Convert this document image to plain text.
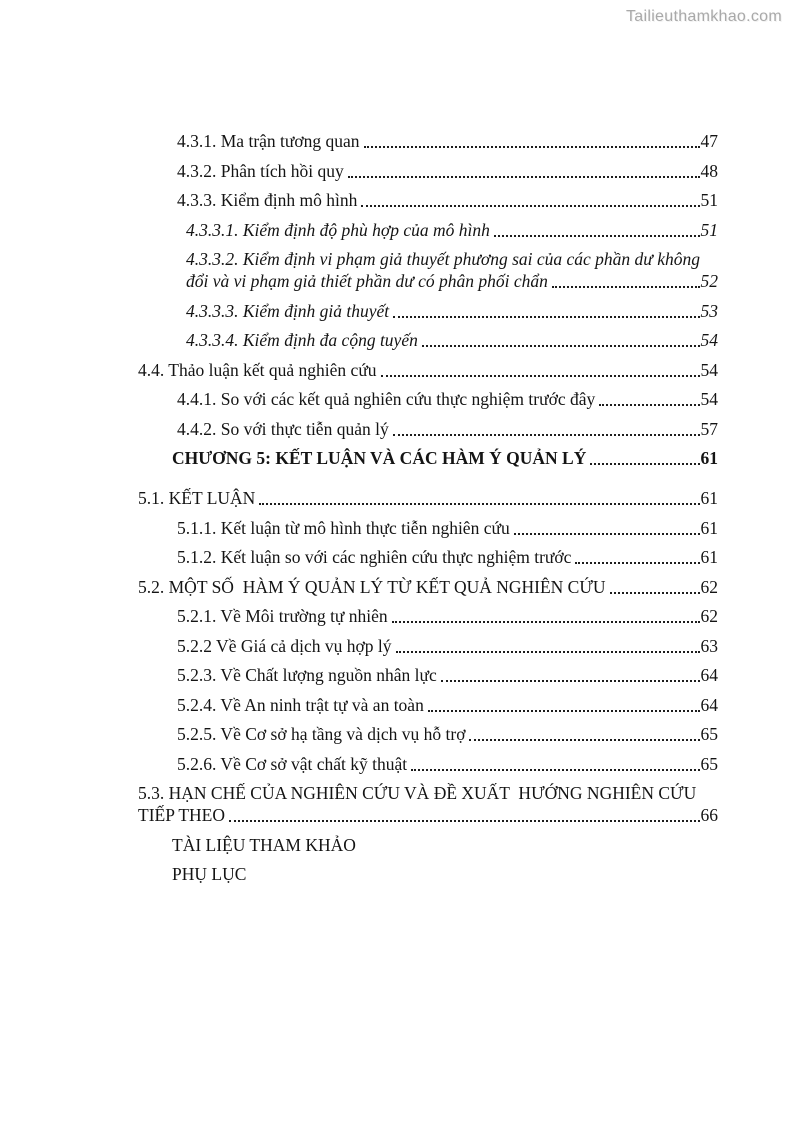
Tailieuthamkhao.com
4.3.1. Ma trận tương quan	47
4.3.2. Phân tích hồi quy	48
4.3.3. Kiểm định mô hình	51
4.3.3.1. Kiểm định độ phù hợp của mô hình	51
4.3.3.2. Kiểm định vi phạm giả thuyết phương sai của các phần dư không
đổi và vi phạm giả thiết phần dư có phân phối chẩn	52
4.3.3.3. Kiểm định giả thuyết	53
4.3.3.4. Kiểm định đa cộng tuyến	54
4.4. Thảo luận kết quả nghiên cứu	54
4.4.1. So với các kết quả nghiên cứu thực nghiệm trước đây	54
4.4.2. So với thực tiễn quản lý	57
CHƯƠNG 5: KẾT LUẬN VÀ CÁC HÀM Ý QUẢN LÝ	61
5.1. KẾT LUẬN	61
5.1.1. Kết luận từ mô hình thực tiễn nghiên cứu	61
5.1.2. Kết luận so với các nghiên cứu thực nghiệm trước	61
5.2. MỘT SỐ  HÀM Ý QUẢN LÝ TỪ KẾT QUẢ NGHIÊN CỨU	62
5.2.1. Về Môi trường tự nhiên	62
5.2.2 Về Giá cả dịch vụ hợp lý	63
5.2.3. Về Chất lượng nguồn nhân lực	64
5.2.4. Về An ninh trật tự và an toàn	64
5.2.5. Về Cơ sở hạ tầng và dịch vụ hỗ trợ	65
5.2.6. Về Cơ sở vật chất kỹ thuật	65
5.3. HẠN CHẾ CỦA NGHIÊN CỨU VÀ ĐỀ XUẤT  HƯỚNG NGHIÊN CỨU
TIẾP THEO	66
TÀI LIỆU THAM KHẢO
PHỤ LỤC
